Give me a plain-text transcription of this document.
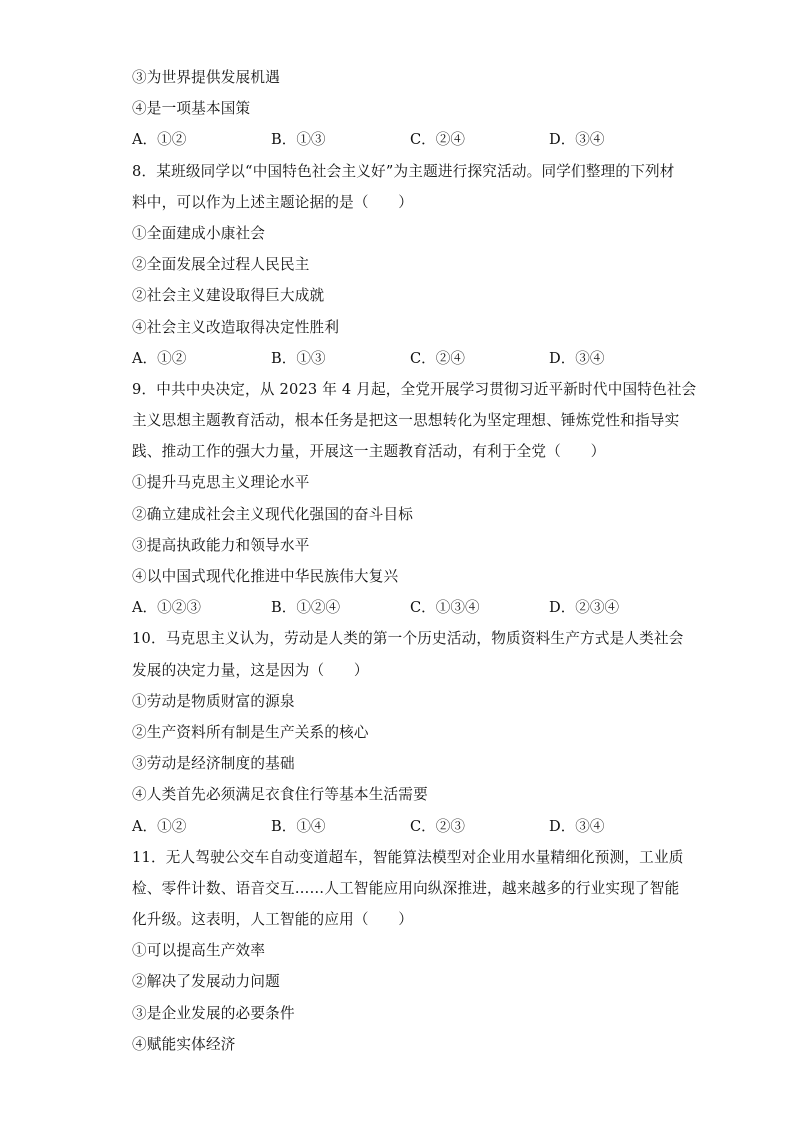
③为世界提供发展机遇
④是一项基本国策
A．①②	B．①③	C．②④	D．③④
8．某班级同学以“中国特色社会主义好”为主题进行探究活动。同学们整理的下列材
料中，可以作为上述主题论据的是（　　）
①全面建成小康社会
②全面发展全过程人民民主
②社会主义建设取得巨大成就
④社会主义改造取得决定性胜利
A．①②	B．①③	C．②④	D．③④
9．中共中央决定，从 2023 年 4 月起，全党开展学习贯彻习近平新时代中国特色社会
主义思想主题教育活动，根本任务是把这一思想转化为坚定理想、锤炼党性和指导实
践、推动工作的强大力量，开展这一主题教育活动，有利于全党（　　）
①提升马克思主义理论水平
②确立建成社会主义现代化强国的奋斗目标
③提高执政能力和领导水平
④以中国式现代化推进中华民族伟大复兴
A．①②③	B．①②④	C．①③④	D．②③④
10．马克思主义认为，劳动是人类的第一个历史活动，物质资料生产方式是人类社会
发展的决定力量，这是因为（　　）
①劳动是物质财富的源泉
②生产资料所有制是生产关系的核心
③劳动是经济制度的基础
④人类首先必须满足衣食住行等基本生活需要
A．①②	B．①④	C．②③	D．③④
11．无人驾驶公交车自动变道超车，智能算法模型对企业用水量精细化预测，工业质
检、零件计数、语音交互……人工智能应用向纵深推进，越来越多的行业实现了智能
化升级。这表明，人工智能的应用（　　）
①可以提高生产效率
②解决了发展动力问题
③是企业发展的必要条件
④赋能实体经济
